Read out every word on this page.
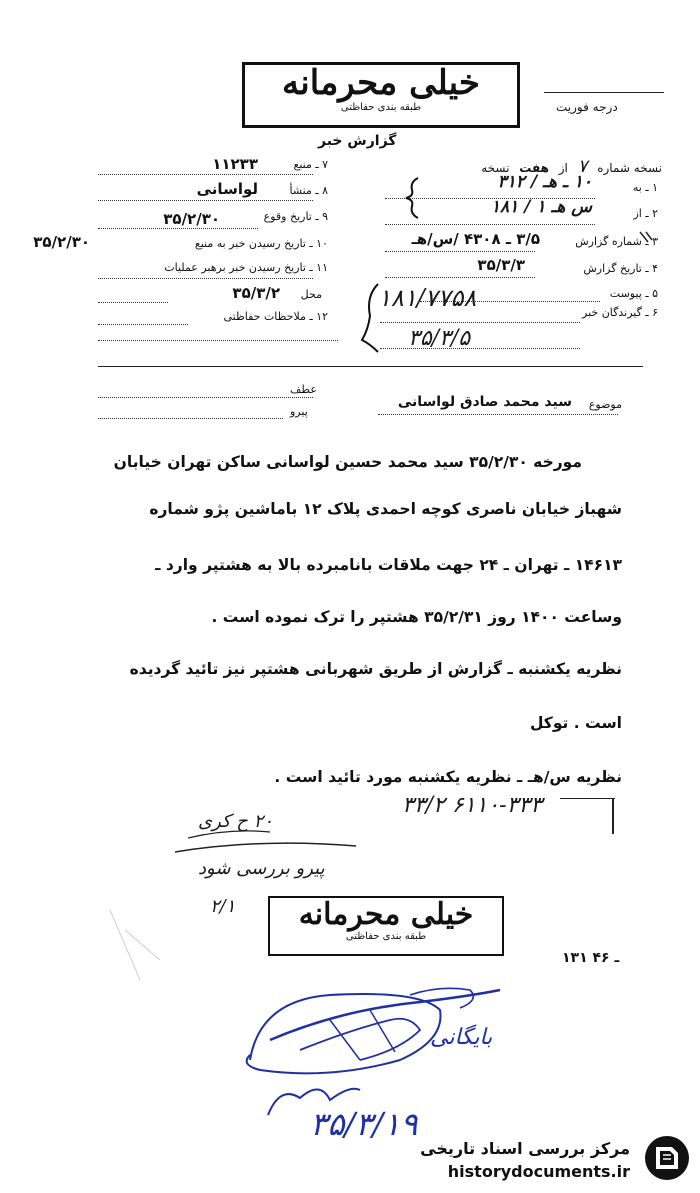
خیلی محرمانه
طبقه بندی حفاظتی	درجه فوریت
گزارش خبر
نسخه شماره ۷ از هفت نسخه
۱ ـ به
۱۰ ـ هـ / ۳۱۲
۲ ـ از
س هـ ۱ / ۱۸۱
۳ ـ شماره گزارش
۳/۵ ـ ۴۳۰۸ /س/هـ
۴ ـ تاریخ گزارش
۳۵/۳/۳
۵ ـ پیوست
۶ ـ گیرندگان خبر
۱۸۱/۷۷۵۸
۳۵/۳/۵
۷ ـ منبع
۱۱۲۳۳
۸ ـ منشأ
لواسانی
۹ ـ تاریخ وقوع
۳۵/۲/۳۰
۱۰ ـ تاریخ رسیدن خبر به منبع
۳۵/۲/۳۰
۱۱ ـ تاریخ رسیدن خبر برهبر عملیات
محل
۳۵/۳/۲
۱۲ ـ ملاحظات حفاظتی
موضوع
سید محمد صادق لواسانی
عطف
پیرو
مورخه ۳۵/۲/۳۰ سید محمد حسین لواسانی ساکن تهران خیابان
شهباز خیابان ناصری کوچه احمدی پلاک ۱۲ باماشین پژو شماره
۱۴۶۱۳ ـ تهران ـ ۲۴ جهت ملاقات بانامبرده بالا به هشتپر وارد ـ
وساعت ۱۴۰۰ روز ۳۵/۲/۳۱ هشتپر را ترک نموده است .
نظریه یکشنبه ـ گزارش از طریق شهربانی هشتپر نیز تائید گردیده
است . توکل
نظریه س/هـ ـ نظریه یکشنبه مورد تائید است .
۶۱۱۰-۳۳۳ ۳۳/۲
۲۰ ح کری
پیرو بررسی شود
۲/۱	خیلی محرمانه
طبقه بندی حفاظتی
۱۳۱ ـ ۴۶
بایگانی
۳۵/۳/۱۹
مرکز بررسی اسناد تاریخی
historydocuments.ir
